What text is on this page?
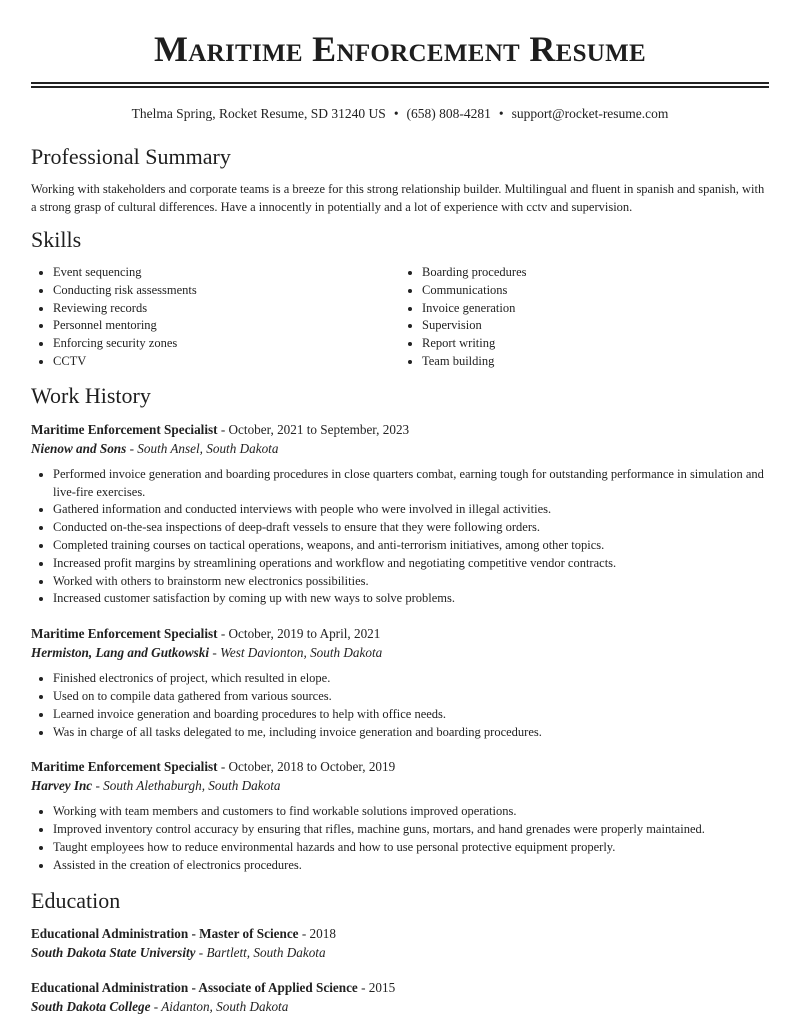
Maritime Enforcement Resume
Thelma Spring, Rocket Resume, SD 31240 US • (658) 808-4281 • support@rocket-resume.com
Professional Summary
Working with stakeholders and corporate teams is a breeze for this strong relationship builder. Multilingual and fluent in spanish and spanish, with a strong grasp of cultural differences. Have a innocently in potentially and a lot of experience with cctv and supervision.
Skills
• Event sequencing
• Conducting risk assessments
• Reviewing records
• Personnel mentoring
• Enforcing security zones
• CCTV
• Boarding procedures
• Communications
• Invoice generation
• Supervision
• Report writing
• Team building
Work History
Maritime Enforcement Specialist - October, 2021 to September, 2023
Nienow and Sons - South Ansel, South Dakota
• Performed invoice generation and boarding procedures in close quarters combat, earning tough for outstanding performance in simulation and live-fire exercises.
• Gathered information and conducted interviews with people who were involved in illegal activities.
• Conducted on-the-sea inspections of deep-draft vessels to ensure that they were following orders.
• Completed training courses on tactical operations, weapons, and anti-terrorism initiatives, among other topics.
• Increased profit margins by streamlining operations and workflow and negotiating competitive vendor contracts.
• Worked with others to brainstorm new electronics possibilities.
• Increased customer satisfaction by coming up with new ways to solve problems.
Maritime Enforcement Specialist - October, 2019 to April, 2021
Hermiston, Lang and Gutkowski - West Davionton, South Dakota
• Finished electronics of project, which resulted in elope.
• Used on to compile data gathered from various sources.
• Learned invoice generation and boarding procedures to help with office needs.
• Was in charge of all tasks delegated to me, including invoice generation and boarding procedures.
Maritime Enforcement Specialist - October, 2018 to October, 2019
Harvey Inc - South Alethaburgh, South Dakota
• Working with team members and customers to find workable solutions improved operations.
• Improved inventory control accuracy by ensuring that rifles, machine guns, mortars, and hand grenades were properly maintained.
• Taught employees how to reduce environmental hazards and how to use personal protective equipment properly.
• Assisted in the creation of electronics procedures.
Education
Educational Administration - Master of Science - 2018
South Dakota State University - Bartlett, South Dakota
Educational Administration - Associate of Applied Science - 2015
South Dakota College - Aidanton, South Dakota
